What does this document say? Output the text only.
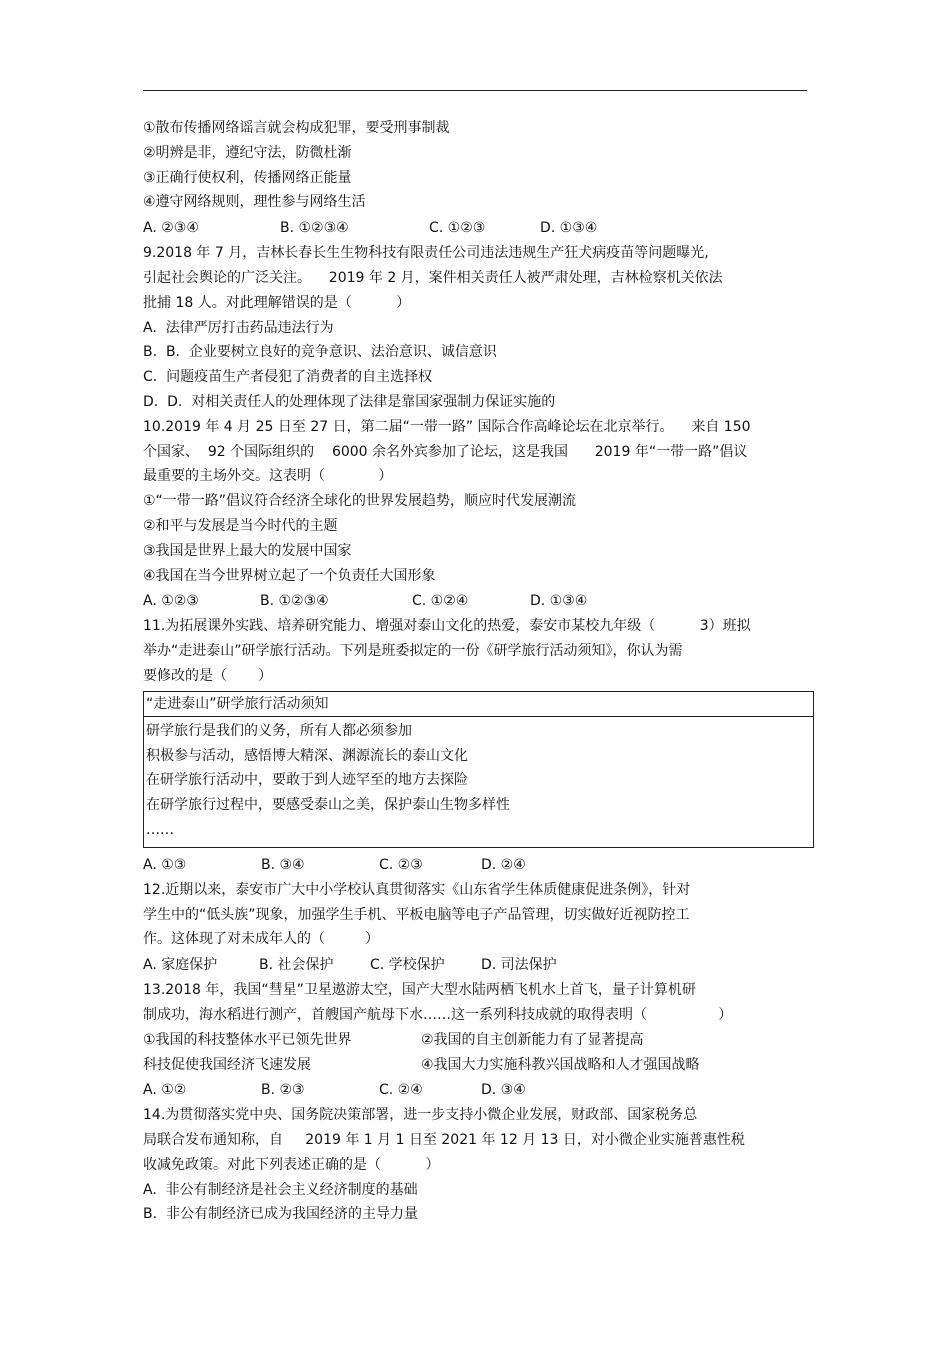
①散布传播网络谣言就会构成犯罪，要受刑事制裁
②明辨是非，遵纪守法，防微杜渐
③正确行使权利，传播网络正能量
④遵守网络规则，理性参与网络生活
A. ②③④	B. ①②③④	C. ①②③	D. ①③④
9.2018 年 7 月，吉林长春长生生物科技有限责任公司违法违规生产狂犬病疫苗等问题曝光,
引起社会舆论的广泛关注。    2019 年 2 月，案件相关责任人被严肃处理，吉林检察机关依法
批捕 18 人。对此理解错误的是（          ）
A.  法律严厉打击药品违法行为
B.  B.  企业要树立良好的竞争意识、法治意识、诚信意识
C.  问题疫苗生产者侵犯了消费者的自主选择权
D.  D.  对相关责任人的处理体现了法律是靠国家强制力保证实施的
10.2019 年 4 月 25 日至 27 日，第二届“一带一路” 国际合作高峰论坛在北京举行。    来自 150
个国家、  92 个国际组织的    6000 余名外宾参加了论坛，这是我国      2019 年“一带一路”倡议
最重要的主场外交。这表明（            ）
①“一带一路”倡议符合经济全球化的世界发展趋势，顺应时代发展潮流
②和平与发展是当今时代的主题
③我国是世界上最大的发展中国家
④我国在当今世界树立起了一个负责任大国形象
A. ①②③	B. ①②③④	C. ①②④	D. ①③④
11.为拓展课外实践、培养研究能力、增强对泰山文化的热爱，泰安市某校九年级（          3）班拟
举办“走进泰山”研学旅行活动。下列是班委拟定的一份《研学旅行活动须知》，你认为需
要修改的是（       ）
“走进泰山”研学旅行活动须知
研学旅行是我们的义务，所有人都必须参加
积极参与活动，感悟博大精深、渊源流长的泰山文化
在研学旅行活动中，要敢于到人迹罕至的地方去探险
在研学旅行过程中，要感受泰山之美，保护泰山生物多样性
……
A. ①③	B. ③④	C. ②③	D. ②④
12.近期以来，泰安市广大中小学校认真贯彻落实《山东省学生体质健康促进条例》，针对
学生中的“低头族”现象，加强学生手机、平板电脑等电子产品管理，切实做好近视防控工
作。这体现了对未成年人的（         ）
A. 家庭保护	B. 社会保护	C. 学校保护	D. 司法保护
13.2018 年，我国“彗星”卫星遨游太空，国产大型水陆两栖飞机水上首飞，量子计算机研
制成功，海水稻进行测产，首艘国产航母下水……这一系列科技成就的取得表明（                ）
①我国的科技整体水平已领先世界	②我国的自主创新能力有了显著提高
科技促使我国经济飞速发展	④我国大力实施科教兴国战略和人才强国战略
A. ①②	B. ②③	C. ②④	D. ③④
14.为贯彻落实党中央、国务院决策部署，进一步支持小微企业发展，财政部、国家税务总
局联合发布通知称，自     2019 年 1 月 1 日至 2021 年 12 月 13 日，对小微企业实施普惠性税
收减免政策。对此下列表述正确的是（          ）
A.  非公有制经济是社会主义经济制度的基础
B.  非公有制经济已成为我国经济的主导力量
